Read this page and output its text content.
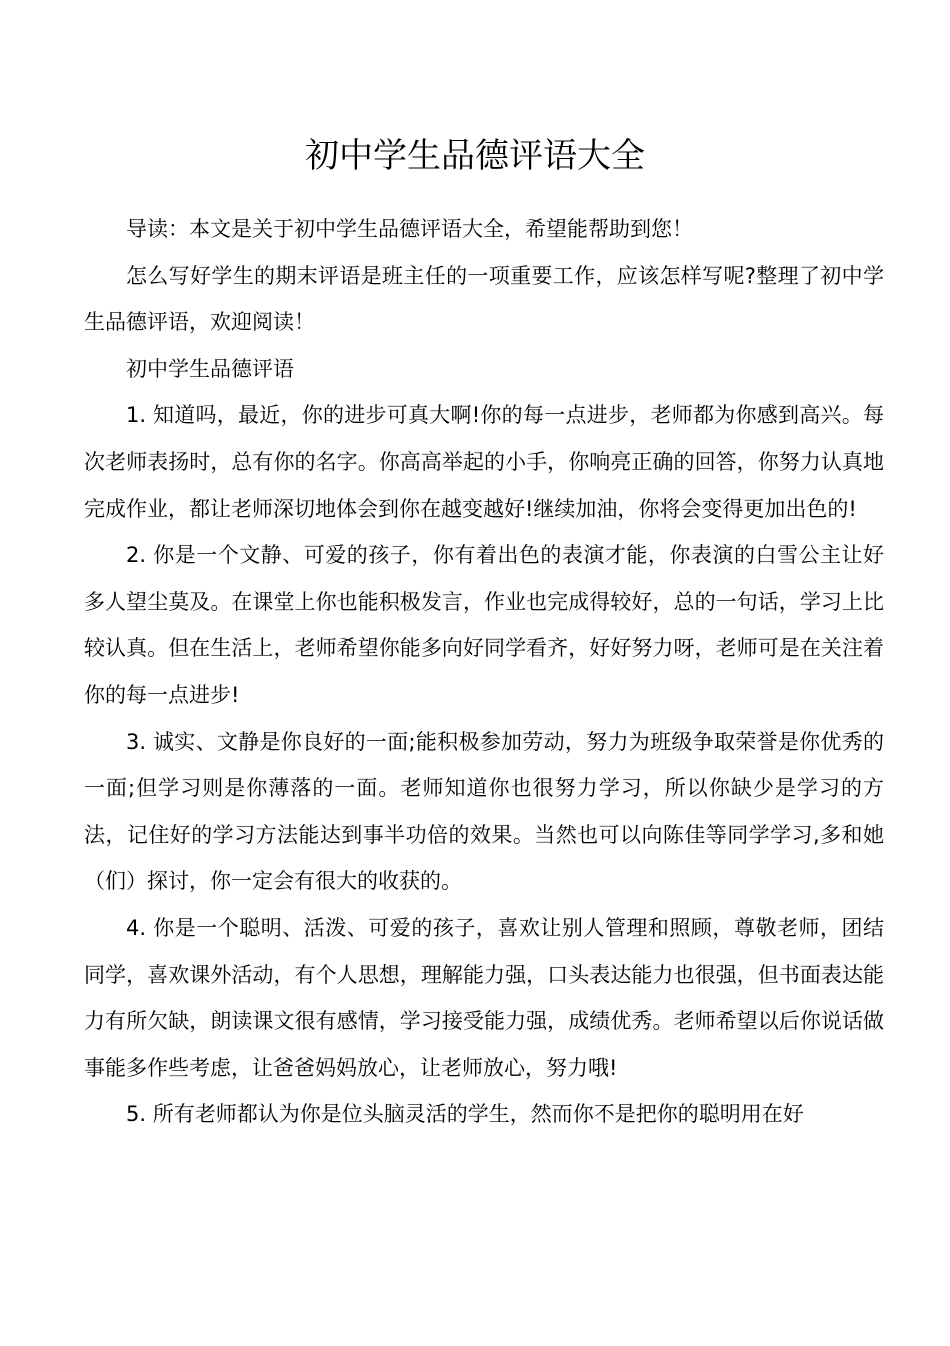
初中学生品德评语大全

导读：本文是关于初中学生品德评语大全，希望能帮助到您！

怎么写好学生的期末评语是班主任的一项重要工作，应该怎样写呢?整理了初中学生品德评语，欢迎阅读！

初中学生品德评语

1. 知道吗，最近，你的进步可真大啊!你的每一点进步，老师都为你感到高兴。每次老师表扬时，总有你的名字。你高高举起的小手，你响亮正确的回答，你努力认真地完成作业，都让老师深切地体会到你在越变越好!继续加油，你将会变得更加出色的!

2. 你是一个文静、可爱的孩子，你有着出色的表演才能，你表演的白雪公主让好多人望尘莫及。在课堂上你也能积极发言，作业也完成得较好，总的一句话，学习上比较认真。但在生活上，老师希望你能多向好同学看齐，好好努力呀，老师可是在关注着你的每一点进步!

3. 诚实、文静是你良好的一面;能积极参加劳动，努力为班级争取荣誉是你优秀的一面;但学习则是你薄落的一面。老师知道你也很努力学习，所以你缺少是学习的方法，记住好的学习方法能达到事半功倍的效果。当然也可以向陈佳等同学学习,多和她（们）探讨，你一定会有很大的收获的。

4. 你是一个聪明、活泼、可爱的孩子，喜欢让别人管理和照顾，尊敬老师，团结同学，喜欢课外活动，有个人思想，理解能力强，口头表达能力也很强，但书面表达能力有所欠缺，朗读课文很有感情，学习接受能力强，成绩优秀。老师希望以后你说话做事能多作些考虑，让爸爸妈妈放心，让老师放心，努力哦!

5. 所有老师都认为你是位头脑灵活的学生，然而你不是把你的聪明用在好
